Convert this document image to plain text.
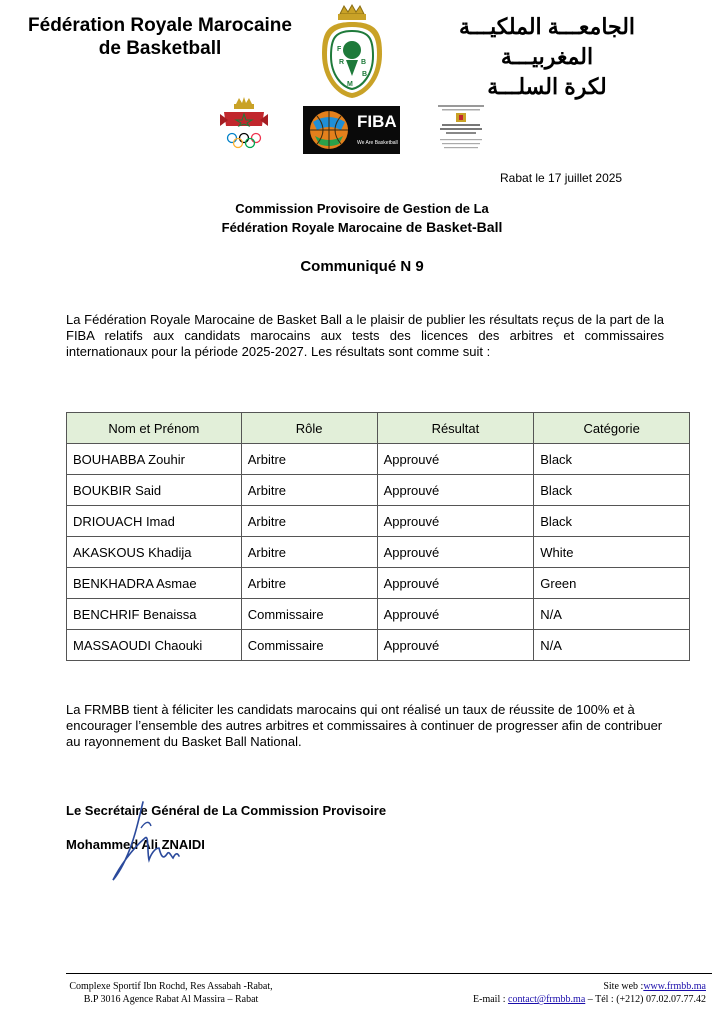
Fédération Royale Marocaine
de Basketball
الجامعـــة الملكيـــة المغربيـــة
لكرة السلـــة
F
R
M
B
B
FIBA
We Are Basketball
Rabat le 17 juillet 2025
Commission Provisoire de Gestion de La
Fédération Royale Marocaine de Basket-Ball
Communiqué N 9
La Fédération Royale Marocaine de Basket Ball a le plaisir de publier les résultats reçus de la part de la FIBA relatifs aux candidats marocains aux tests des licences des arbitres et commissaires internationaux pour la période 2025-2027. Les résultats sont comme suit :
Nom et Prénom	Rôle	Résultat	Catégorie
BOUHABBA Zouhir	Arbitre	Approuvé	Black
BOUKBIR Said	Arbitre	Approuvé	Black
DRIOUACH Imad	Arbitre	Approuvé	Black
AKASKOUS Khadija	Arbitre	Approuvé	White
BENKHADRA Asmae	Arbitre	Approuvé	Green
BENCHRIF Benaissa	Commissaire	Approuvé	N/A
MASSAOUDI Chaouki	Commissaire	Approuvé	N/A
La FRMBB tient à féliciter les candidats marocains qui ont réalisé un taux de réussite de 100% et à encourager l’ensemble des autres arbitres et commissaires à continuer de progresser afin de contribuer au rayonnement du Basket Ball National.
Le Secrétaire Général de La Commission Provisoire
Mohammed Ali ZNAIDI
Complexe Sportif Ibn Rochd, Res Assabah -Rabat,
B.P 3016 Agence Rabat Al Massira – Rabat
Site web :www.frmbb.ma
E-mail : contact@frmbb.ma – Tél : (+212) 07.02.07.77.42
